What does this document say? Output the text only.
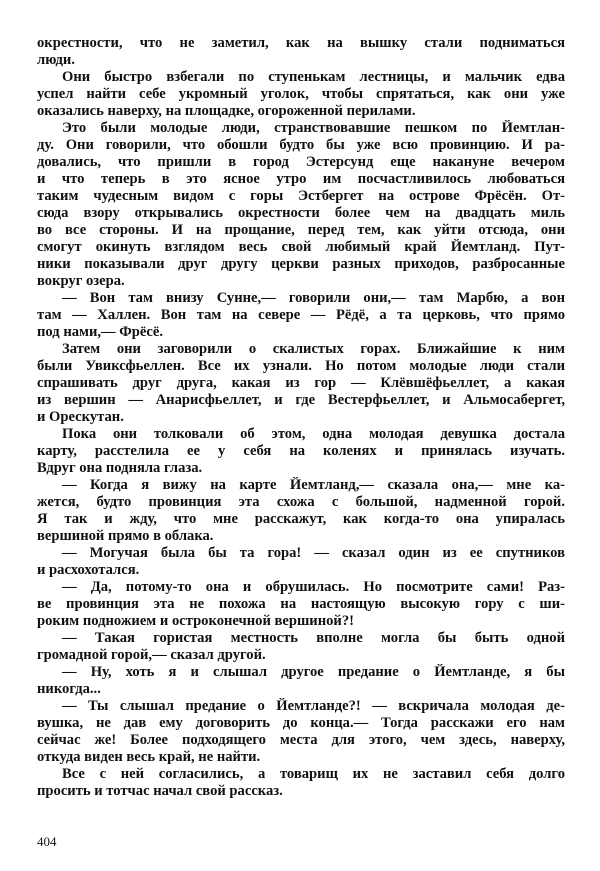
окрестности, что не заметил, как на вышку стали подниматься
люди.
Они быстро взбегали по ступенькам лестницы, и мальчик едва
успел найти себе укромный уголок, чтобы спрятаться, как они уже
оказались наверху, на площадке, огороженной перилами.
Это были молодые люди, странствовавшие пешком по Йемтлан-
ду. Они говорили, что обошли будто бы уже всю провинцию. И ра-
довались, что пришли в город Эстерсунд еще накануне вечером
и что теперь в это ясное утро им посчастливилось любоваться
таким чудесным видом с горы Эстбергет на острове Фрёсён. От-
сюда взору открывались окрестности более чем на двадцать миль
во все стороны. И на прощание, перед тем, как уйти отсюда, они
смогут окинуть взглядом весь свой любимый край Йемтланд. Пут-
ники показывали друг другу церкви разных приходов, разбросанные
вокруг озера.
— Вон там внизу Сунне,— говорили они,— там Марбю, а вон
там — Халлен. Вон там на севере — Рёдё, а та церковь, что прямо
под нами,— Фрёсё.
Затем они заговорили о скалистых горах. Ближайшие к ним
были Увиксфьеллен. Все их узнали. Но потом молодые люди стали
спрашивать друг друга, какая из гор — Клёвшёфьеллет, а какая
из вершин — Анарисфьеллет, и где Вестерфьеллет, и Альмосабергет,
и Орескутан.
Пока они толковали об этом, одна молодая девушка достала
карту, расстелила ее у себя на коленях и принялась изучать.
Вдруг она подняла глаза.
— Когда я вижу на карте Йемтланд,— сказала она,— мне ка-
жется, будто провинция эта схожа с большой, надменной горой.
Я так и жду, что мне расскажут, как когда-то она упиралась
вершиной прямо в облака.
— Могучая была бы та гора! — сказал один из ее спутников
и расхохотался.
— Да, потому-то она и обрушилась. Но посмотрите сами! Раз-
ве провинция эта не похожа на настоящую высокую гору с ши-
роким подножием и остроконечной вершиной?!
— Такая гористая местность вполне могла бы быть одной
громадной горой,— сказал другой.
— Ну, хоть я и слышал другое предание о Йемтланде, я бы
никогда...
— Ты слышал предание о Йемтланде?! — вскричала молодая де-
вушка, не дав ему договорить до конца.— Тогда расскажи его нам
сейчас же! Более подходящего места для этого, чем здесь, наверху,
откуда виден весь край, не найти.
Все с ней согласились, а товарищ их не заставил себя долго
просить и тотчас начал свой рассказ.
404
